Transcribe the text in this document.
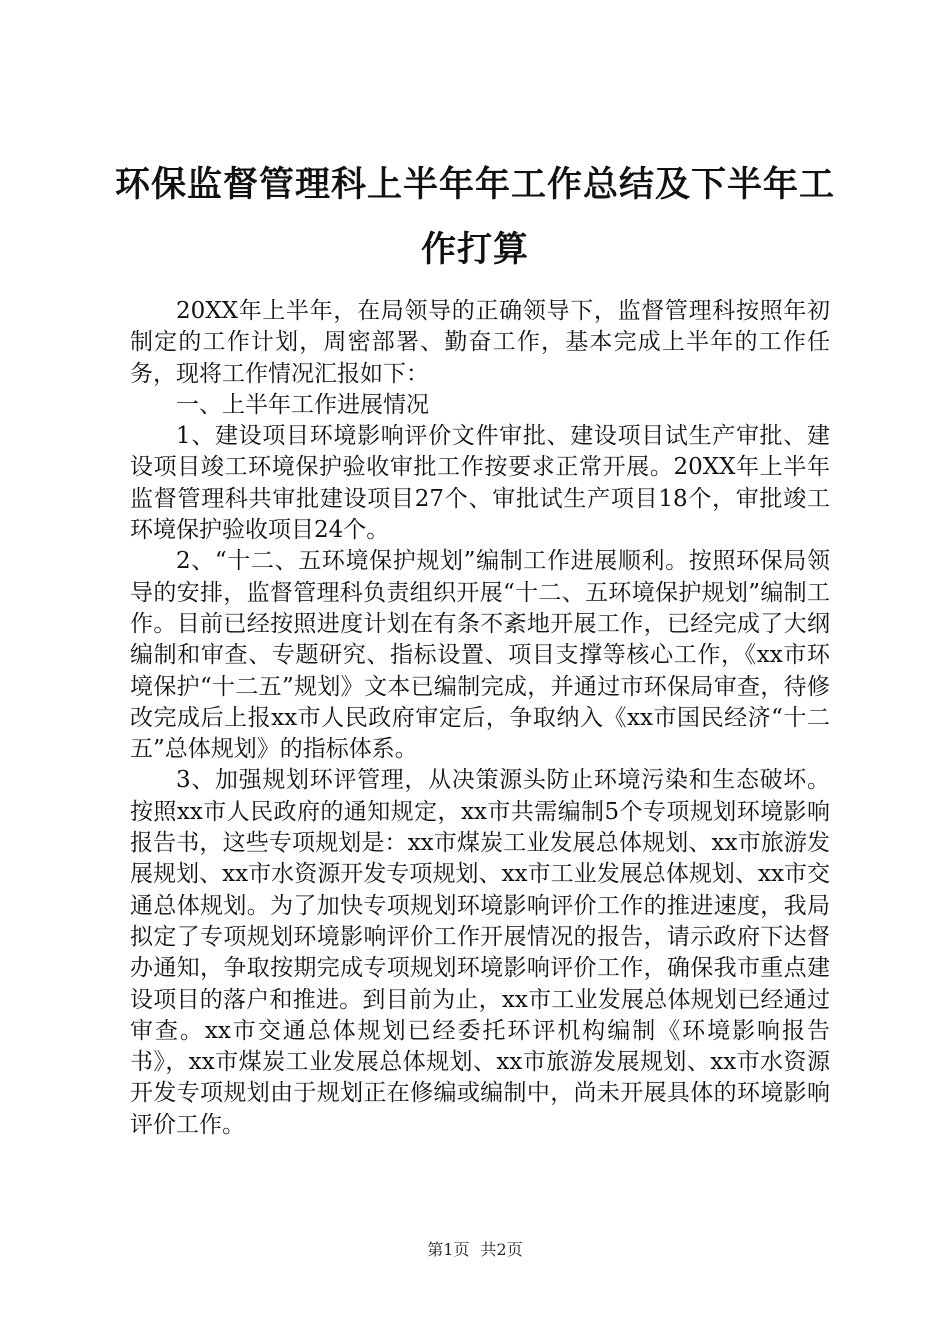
环保监督管理科上半年年工作总结及下半年工作打算

20XX年上半年，在局领导的正确领导下，监督管理科按照年初制定的工作计划，周密部署、勤奋工作，基本完成上半年的工作任务，现将工作情况汇报如下：

一、上半年工作进展情况

1、建设项目环境影响评价文件审批、建设项目试生产审批、建设项目竣工环境保护验收审批工作按要求正常开展。20XX年上半年监督管理科共审批建设项目27个、审批试生产项目18个，审批竣工环境保护验收项目24个。

2、“十二、五环境保护规划”编制工作进展顺利。按照环保局领导的安排，监督管理科负责组织开展“十二、五环境保护规划”编制工作。目前已经按照进度计划在有条不紊地开展工作，已经完成了大纲编制和审查、专题研究、指标设置、项目支撑等核心工作，《xx市环境保护“十二五”规划》文本已编制完成，并通过市环保局审查，待修改完成后上报xx市人民政府审定后，争取纳入《xx市国民经济“十二五”总体规划》的指标体系。

3、加强规划环评管理，从决策源头防止环境污染和生态破坏。按照xx市人民政府的通知规定，xx市共需编制5个专项规划环境影响报告书，这些专项规划是：xx市煤炭工业发展总体规划、xx市旅游发展规划、xx市水资源开发专项规划、xx市工业发展总体规划、xx市交通总体规划。为了加快专项规划环境影响评价工作的推进速度，我局拟定了专项规划环境影响评价工作开展情况的报告，请示政府下达督办通知，争取按期完成专项规划环境影响评价工作，确保我市重点建设项目的落户和推进。到目前为止，xx市工业发展总体规划已经通过审查。xx市交通总体规划已经委托环评机构编制《环境影响报告书》，xx市煤炭工业发展总体规划、xx市旅游发展规划、xx市水资源开发专项规划由于规划正在修编或编制中，尚未开展具体的环境影响评价工作。

第1页 共2页
